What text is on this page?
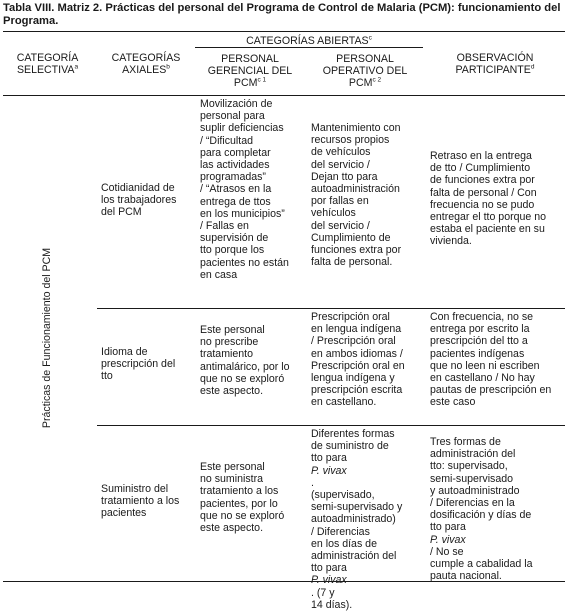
Tabla VIII. Matriz 2. Prácticas del personal del Programa de Control de Malaria (PCM): funcionamiento del Programa.
CATEGORÍA SELECTIVA$^a$
CATEGORÍAS AXIALES$^b$
CATEGORÍAS ABIERTAS$^c$
PERSONAL GERENCIAL DEL $PCM^{c 1}$
PERSONAL OPERATIVO DEL $PCM^{c 2}$
OBSERVACIÓN PARTICIPANTE$^d$
Prácticas de Funcionamiento del PCM
Cotidianidad de
los trabajadores
del PCM
Movilización de
personal para
suplir deficiencias
/ “Dificultad
para completar
las actividades
programadas”
/ “Atrasos en la
entrega de ttos
en los municipios”
/ Fallas en
supervisión de
tto porque los
pacientes no están
en casa
Mantenimiento con
recursos propios
de vehículos
del servicio /
Dejan tto para
autoadministración
por fallas en
vehículos
del servicio /
Cumplimiento de
funciones extra por
falta de personal.
Retraso en la entrega
de tto / Cumplimiento
de funciones extra por
falta de personal / Con
frecuencia no se pudo
entregar el tto porque no
estaba el paciente en su
vivienda.
Idioma de
prescripción del
tto
Este personal
no prescribe
tratamiento
antimalárico, por lo
que no se exploró
este aspecto.
Prescripción oral
en lengua indígena
/ Prescripción oral
en ambos idiomas /
Prescripción oral en
lengua indígena y
prescripción escrita
en castellano.
Con frecuencia, no se
entrega por escrito la
prescripción del tto a
pacientes indígenas
que no leen ni escriben
en castellano / No hay
pautas de prescripción en
este caso
Suministro del
tratamiento a los
pacientes
Este personal
no suministra
tratamiento a los
pacientes, por lo
que no se exploró
este aspecto.
Diferentes formas
de suministro de
tto para
P. vivax
.
(supervisado,
semi-supervisado y
autoadministrado)
/ Diferencias
en los días de
administración del
tto para
P. vivax
. (7 y
14 días).
Tres formas de
administración del
tto: supervisado,
semi-supervisado
y autoadministrado
/ Diferencias en la
dosificación y días de
tto para
P. vivax
/ No se
cumple a cabalidad la
pauta nacional.
